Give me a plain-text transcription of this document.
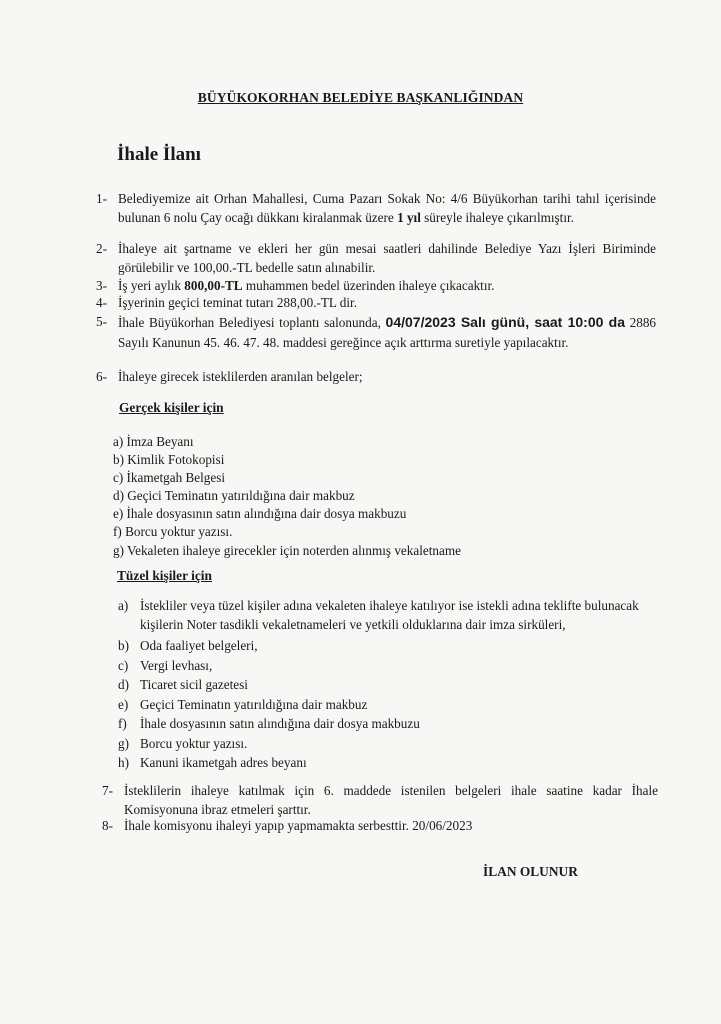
BÜYÜKOKORHAN BELEDİYE BAŞKANLIĞINDAN
İhale İlanı
1- Belediyemize ait Orhan Mahallesi, Cuma Pazarı Sokak No: 4/6 Büyükorhan tarihi tahıl içerisinde bulunan 6 nolu Çay ocağı dükkanı kiralanmak üzere 1 yıl süreyle ihaleye çıkarılmıştır.
2- İhaleye ait şartname ve ekleri her gün mesai saatleri dahilinde Belediye Yazı İşleri Biriminde görülebilir ve 100,00.-TL bedelle satın alınabilir.
3- İş yeri aylık 800,00-TL muhammen bedel üzerinden ihaleye çıkacaktır.
4- İşyerinin geçici teminat tutarı 288,00.-TL dir.
5- İhale Büyükorhan Belediyesi toplantı salonunda, 04/07/2023 Salı günü, saat 10:00 da 2886 Sayılı Kanunun 45. 46. 47. 48. maddesi gereğince açık arttırma suretiyle yapılacaktır.
6- İhaleye girecek isteklilerden aranılan belgeler;
Gerçek kişiler için
a) İmza Beyanı
b) Kimlik Fotokopisi
c) İkametgah Belgesi
d) Geçici Teminatın yatırıldığına dair makbuz
e) İhale dosyasının satın alındığına dair dosya makbuzu
f) Borcu yoktur yazısı.
g) Vekaleten ihaleye girecekler için noterden alınmış vekaletname
Tüzel kişiler için
a) İstekliler veya tüzel kişiler adına vekaleten ihaleye katılıyor ise istekli adına teklifte bulunacak kişilerin Noter tasdikli vekaletnameleri ve yetkili olduklarına dair imza sirküleri,
b) Oda faaliyet belgeleri,
c) Vergi levhası,
d) Ticaret sicil gazetesi
e) Geçici Teminatın yatırıldığına dair makbuz
f) İhale dosyasının satın alındığına dair dosya makbuzu
g) Borcu yoktur yazısı.
h) Kanuni ikametgah adres beyanı
7- İsteklilerin ihaleye katılmak için 6. maddede istenilen belgeleri ihale saatine kadar İhale Komisyonuna ibraz etmeleri şarttır.
8- İhale komisyonu ihaleyi yapıp yapmamakta serbesttir. 20/06/2023
İLAN OLUNUR
